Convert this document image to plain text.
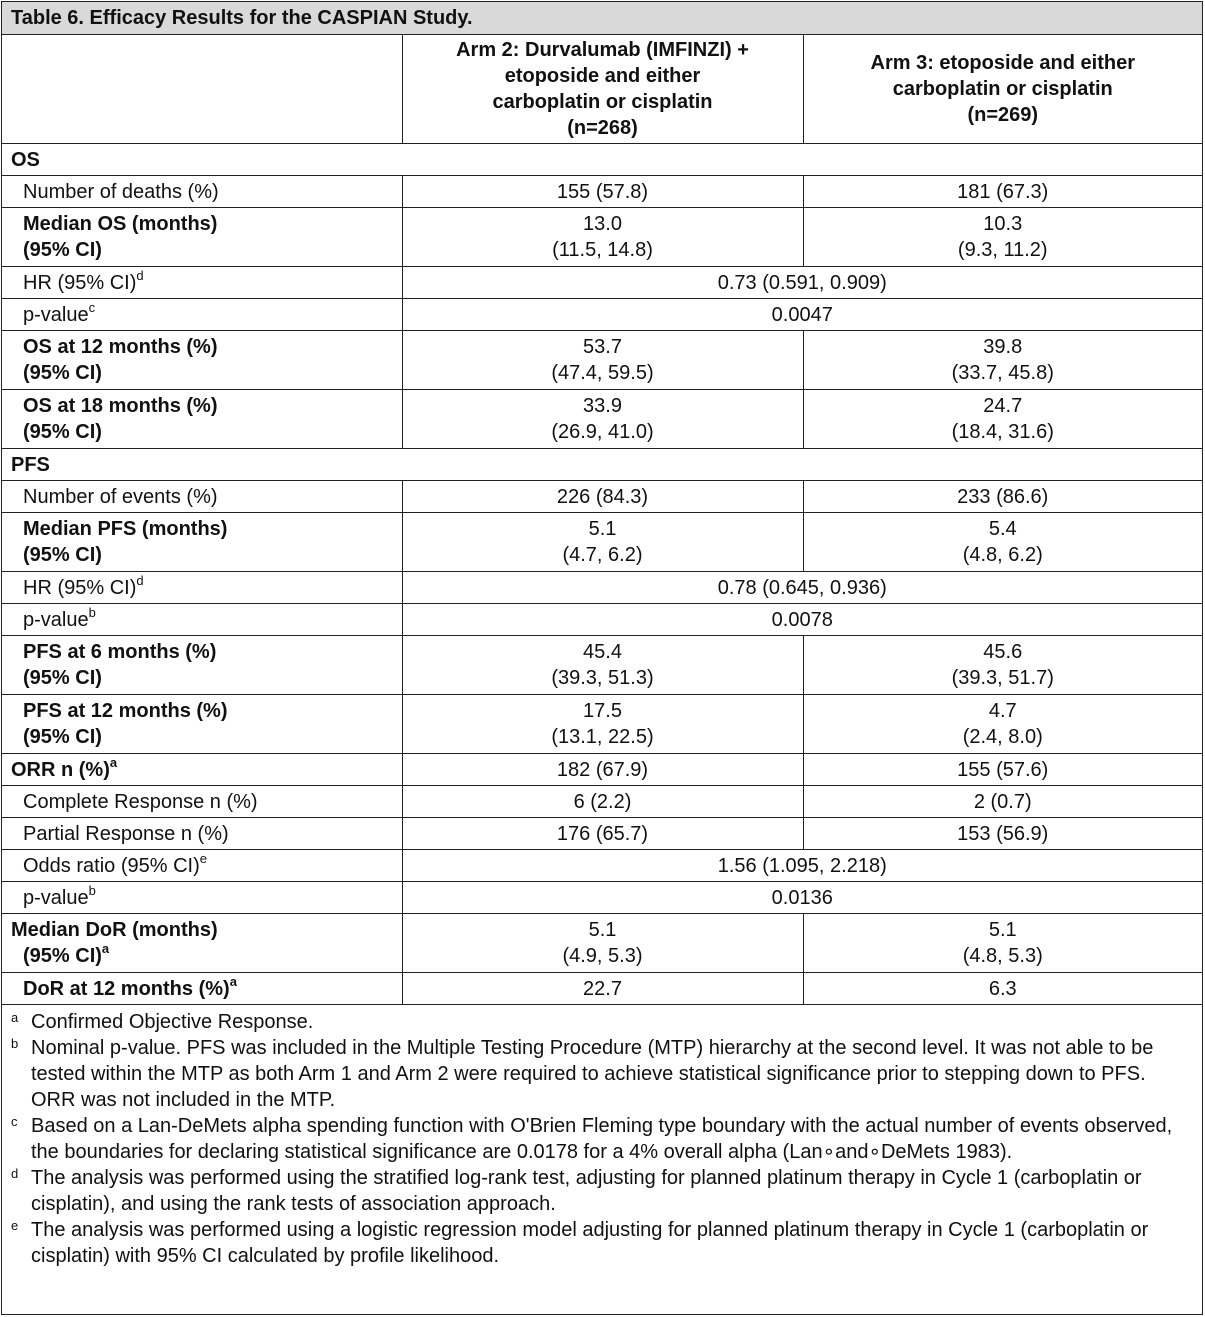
Table 6. Efficacy Results for the CASPIAN Study.

	Arm 2: Durvalumab (IMFINZI) +
etoposide and either
carboplatin or cisplatin
(n=268)	Arm 3: etoposide and either
carboplatin or cisplatin
(n=269)

OS		
Number of deaths (%)	155 (57.8)	181 (67.3)

Median OS (months)
(95% CI)	13.0
(11.5, 14.8)	10.3
(9.3, 11.2)

HR (95% CI)$^d$	0.73 (0.591, 0.909)	
p-value$^c$	0.0047	

OS at 12 months (%)
(95% CI)	53.7
(47.4, 59.5)	39.8
(33.7, 45.8)

OS at 18 months (%)
(95% CI)	33.9
(26.9, 41.0)	24.7
(18.4, 31.6)

PFS		
Number of events (%)	226 (84.3)	233 (86.6)

Median PFS (months)
(95% CI)	5.1
(4.7, 6.2)	5.4
(4.8, 6.2)

HR (95% CI)$^d$	0.78 (0.645, 0.936)	
p-value$^b$	0.0078	

PFS at 6 months (%)
(95% CI)	45.4
(39.3, 51.3)	45.6
(39.3, 51.7)

PFS at 12 months (%)
(95% CI)	17.5
(13.1, 22.5)	4.7
(2.4, 8.0)

ORR n (%)$^a$	182 (67.9)	155 (57.6)
Complete Response n (%)	6 (2.2)	2 (0.7)
Partial Response n (%)	176 (65.7)	153 (56.9)
Odds ratio (95% CI)$^e$	1.56 (1.095, 2.218)	
p-value$^b$	0.0136	

Median DoR (months)
(95% CI)$^a$	5.1
(4.9, 5.3)	5.1
(4.8, 5.3)

DoR at 12 months (%)$^a$	22.7	6.3
a Confirmed Objective Response.
b Nominal p-value. PFS was included in the Multiple Testing Procedure (MTP) hierarchy at the second level. It was not able to be tested within the MTP as both Arm 1 and Arm 2 were required to achieve statistical significance prior to stepping down to PFS. ORR was not included in the MTP.
c Based on a Lan-DeMets alpha spending function with O'Brien Fleming type boundary with the actual number of events observed, the boundaries for declaring statistical significance are 0.0178 for a 4% overall alpha (Lan∘and∘DeMets 1983).
d The analysis was performed using the stratified log-rank test, adjusting for planned platinum therapy in Cycle 1 (carboplatin or cisplatin), and using the rank tests of association approach.
e The analysis was performed using a logistic regression model adjusting for planned platinum therapy in Cycle 1 (carboplatin or cisplatin) with 95% CI calculated by profile likelihood.
